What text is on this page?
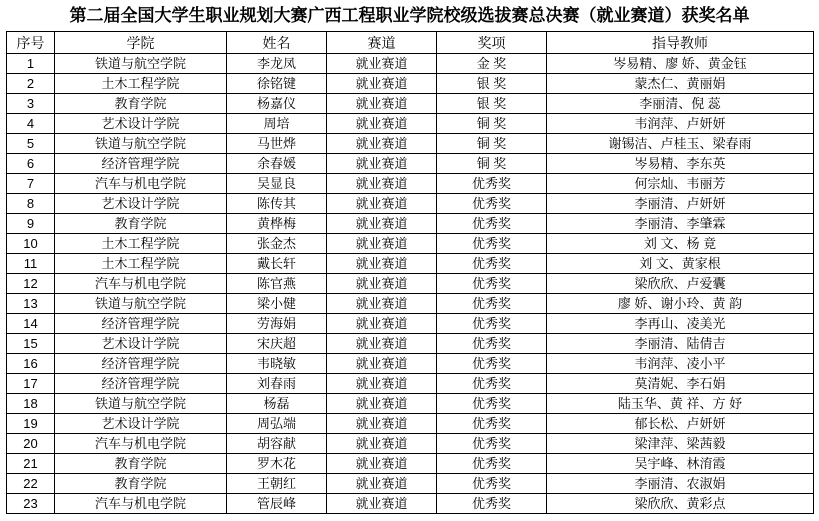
第二届全国大学生职业规划大赛广西工程职业学院校级选拔赛总决赛（就业赛道）获奖名单
序号	学院	姓名	赛道	奖项	指导教师
1	铁道与航空学院	李龙凤	就业赛道	金 奖	岑易精、廖 娇、黄金钰
2	土木工程学院	徐铭键	就业赛道	银 奖	蒙杰仁、黄丽娟
3	教育学院	杨嘉仪	就业赛道	银 奖	李丽清、倪 蕊
4	艺术设计学院	周培	就业赛道	铜 奖	韦润萍、卢妍妍
5	铁道与航空学院	马世烨	就业赛道	铜 奖	谢锡洁、卢桂玉、梁春雨
6	经济管理学院	余春媛	就业赛道	铜 奖	岑易精、李东英
7	汽车与机电学院	吴显良	就业赛道	优秀奖	何宗灿、韦丽芳
8	艺术设计学院	陈传其	就业赛道	优秀奖	李丽清、卢妍妍
9	教育学院	黄桦梅	就业赛道	优秀奖	李丽清、李肇霖
10	土木工程学院	张金杰	就业赛道	优秀奖	刘 文、杨 竟
11	土木工程学院	戴长轩	就业赛道	优秀奖	刘 文、黄家根
12	汽车与机电学院	陈官燕	就业赛道	优秀奖	梁欣欣、卢爱囊
13	铁道与航空学院	梁小健	就业赛道	优秀奖	廖 娇、谢小玲、黄 韵
14	经济管理学院	劳海娟	就业赛道	优秀奖	李再山、凌美光
15	艺术设计学院	宋庆超	就业赛道	优秀奖	李丽清、陆倩吉
16	经济管理学院	韦晓敏	就业赛道	优秀奖	韦润萍、凌小平
17	经济管理学院	刘春雨	就业赛道	优秀奖	莫清妮、李石娟
18	铁道与航空学院	杨磊	就业赛道	优秀奖	陆玉华、黄 祥、方 妤
19	艺术设计学院	周弘端	就业赛道	优秀奖	郁长松、卢妍妍
20	汽车与机电学院	胡容献	就业赛道	优秀奖	梁津萍、梁茜毅
21	教育学院	罗木花	就业赛道	优秀奖	吴宇峰、林淯霞
22	教育学院	王朝红	就业赛道	优秀奖	李丽清、农淑娟
23	汽车与机电学院	管辰峰	就业赛道	优秀奖	梁欣欣、黄彩点
